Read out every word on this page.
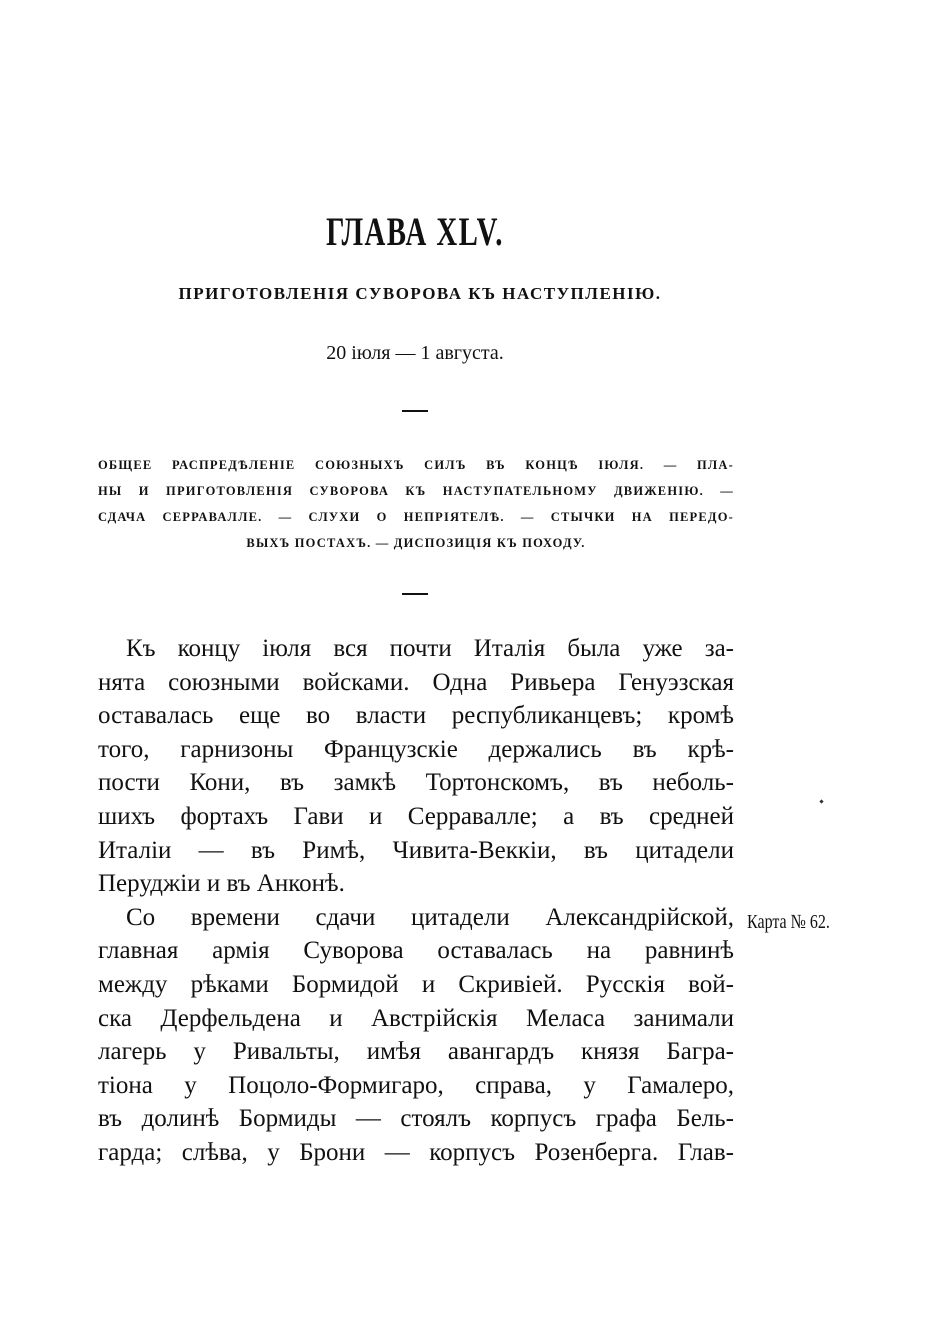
ГЛАВА XLV.
ПРИГОТОВЛЕНІЯ СУВОРОВА КЪ НАСТУПЛЕНІЮ.
20 іюля — 1 августа.
ОБЩЕЕ РАСПРЕДѢЛЕНІЕ СОЮЗНЫХЪ СИЛЪ ВЪ КОНЦѢ ІЮЛЯ. — ПЛА-
НЫ И ПРИГОТОВЛЕНІЯ СУВОРОВА КЪ НАСТУПАТЕЛЬНОМУ ДВИЖЕНІЮ. —
СДАЧА СЕРРАВАЛЛЕ. — СЛУХИ О НЕПРІЯТЕЛѢ. — СТЫЧКИ НА ПЕРЕДО-
ВЫХЪ ПОСТАХЪ. — ДИСПОЗИЦІЯ КЪ ПОХОДУ.
Къ концу іюля вся почти Италія была уже за-
нята союзными войсками. Одна Ривьера Генуэзская
оставалась еще во власти республиканцевъ; кромѣ
того, гарнизоны Французскіе держались въ крѣ-
пости Кони, въ замкѣ Тортонскомъ, въ неболь-
шихъ фортахъ Гави и Серравалле; а въ средней
Италіи — въ Римѣ, Чивита-Веккіи, въ цитадели
Перуджіи и въ Анконѣ.
Со времени сдачи цитадели Александрійской,
главная армія Суворова оставалась на равнинѣ
между рѣками Бормидой и Скривіей. Русскія вой-
ска Дерфельдена и Австрійскія Меласа занимали
лагерь у Ривальты, имѣя авангардъ князя Багра-
тіона у Поцоло-Формигаро, справа, у Гамалеро,
въ долинѣ Бормиды — стоялъ корпусъ графа Бель-
гарда; слѣва, у Брони — корпусъ Розенберга. Глав-
Карта № 62.
